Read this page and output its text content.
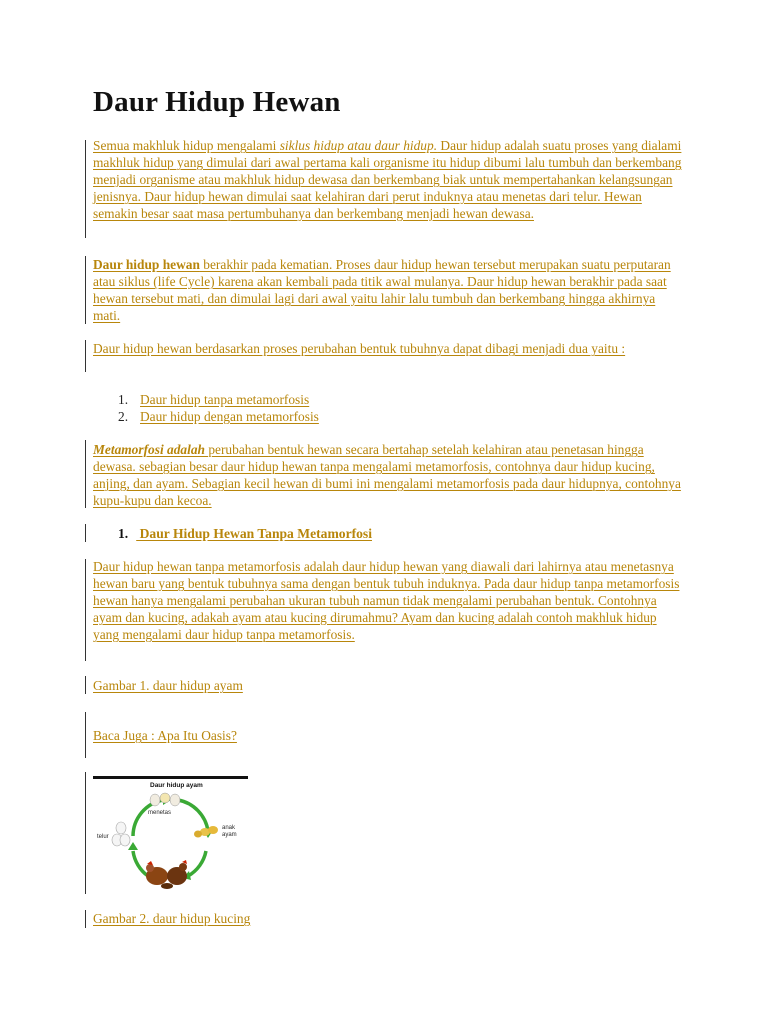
Daur Hidup Hewan

Semua makhluk hidup mengalami siklus hidup atau daur hidup. Daur hidup adalah suatu proses yang dialami makhluk hidup yang dimulai dari awal pertama kali organisme itu hidup dibumi lalu tumbuh dan berkembang menjadi organisme atau makhluk hidup dewasa dan berkembang biak untuk mempertahankan kelangsungan jenisnya. Daur hidup hewan dimulai saat kelahiran dari perut induknya atau menetas dari telur. Hewan semakin besar saat masa pertumbuhanya dan berkembang menjadi hewan dewasa.

Daur hidup hewan berakhir pada kematian. Proses daur hidup hewan tersebut merupakan suatu perputaran atau siklus (life Cycle) karena akan kembali pada titik awal mulanya. Daur hidup hewan berakhir pada saat hewan tersebut mati, dan dimulai lagi dari awal yaitu lahir lalu tumbuh dan berkembang hingga akhirnya mati.

Daur hidup hewan berdasarkan proses perubahan bentuk tubuhnya dapat dibagi menjadi dua yaitu :

1. Daur hidup tanpa metamorfosis
2. Daur hidup dengan metamorfosis

Metamorfosi adalah perubahan bentuk hewan secara bertahap setelah kelahiran atau penetasan hingga dewasa. sebagian besar daur hidup hewan tanpa mengalami metamorfosis, contohnya daur hidup kucing, anjing, dan ayam. Sebagian kecil hewan di bumi ini mengalami metamorfosis pada daur hidupnya, contohnya kupu-kupu dan kecoa.

1. Daur Hidup Hewan Tanpa Metamorfosi

Daur hidup hewan tanpa metamorfosis adalah daur hidup hewan yang diawali dari lahirnya atau menetasnya hewan baru yang bentuk tubuhnya sama dengan bentuk tubuh induknya. Pada daur hidup tanpa metamorfosis hewan hanya mengalami perubahan ukuran tubuh namun tidak mengalami perubahan bentuk. Contohnya ayam dan kucing, adakah ayam atau kucing dirumahmu? Ayam dan kucing adalah contoh makhluk hidup yang mengalami daur hidup tanpa metamorfosis.

Gambar 1. daur hidup ayam

Baca Juga : Apa Itu Oasis?

Daur hidup ayam
menetas
telur
anak
ayam

Gambar 2. daur hidup kucing
